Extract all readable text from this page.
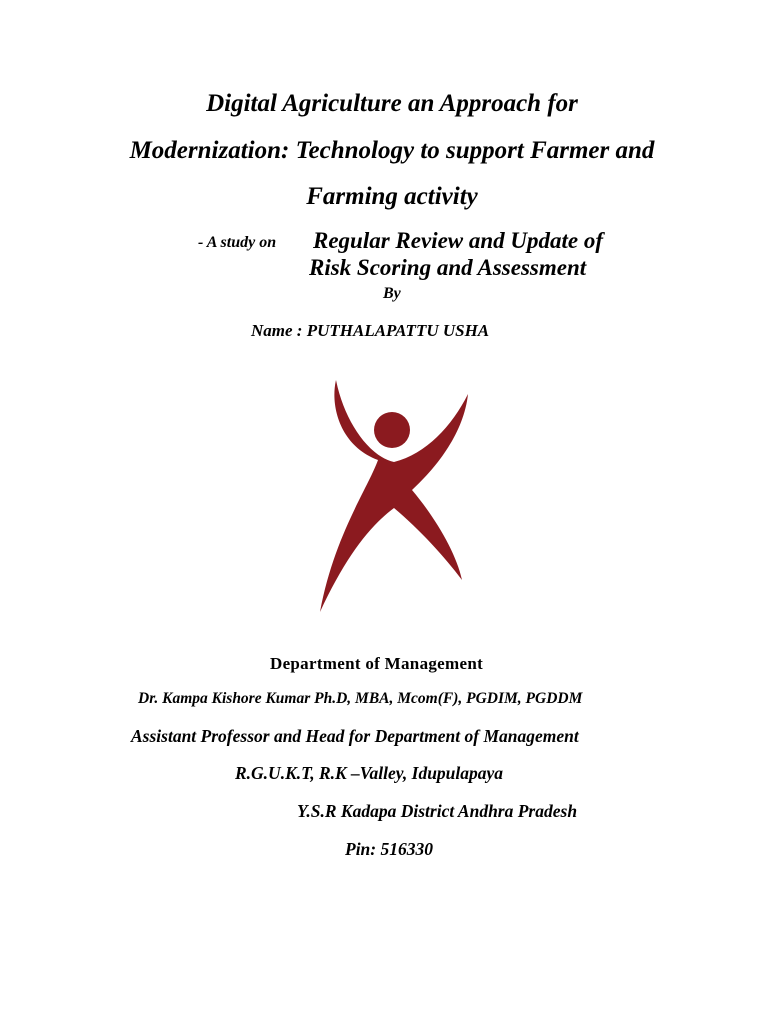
Digital Agriculture an Approach for
Modernization: Technology to support Farmer and
Farming activity
- A study on Regular Review and Update of
Risk Scoring and Assessment
By
Name : PUTHALAPATTU USHA
Department of Management
Dr. Kampa Kishore Kumar Ph.D, MBA, Mcom(F), PGDIM, PGDDM
Assistant Professor and Head for Department of Management
R.G.U.K.T, R.K –Valley, Idupulapaya
Y.S.R Kadapa District Andhra Pradesh
Pin: 516330
